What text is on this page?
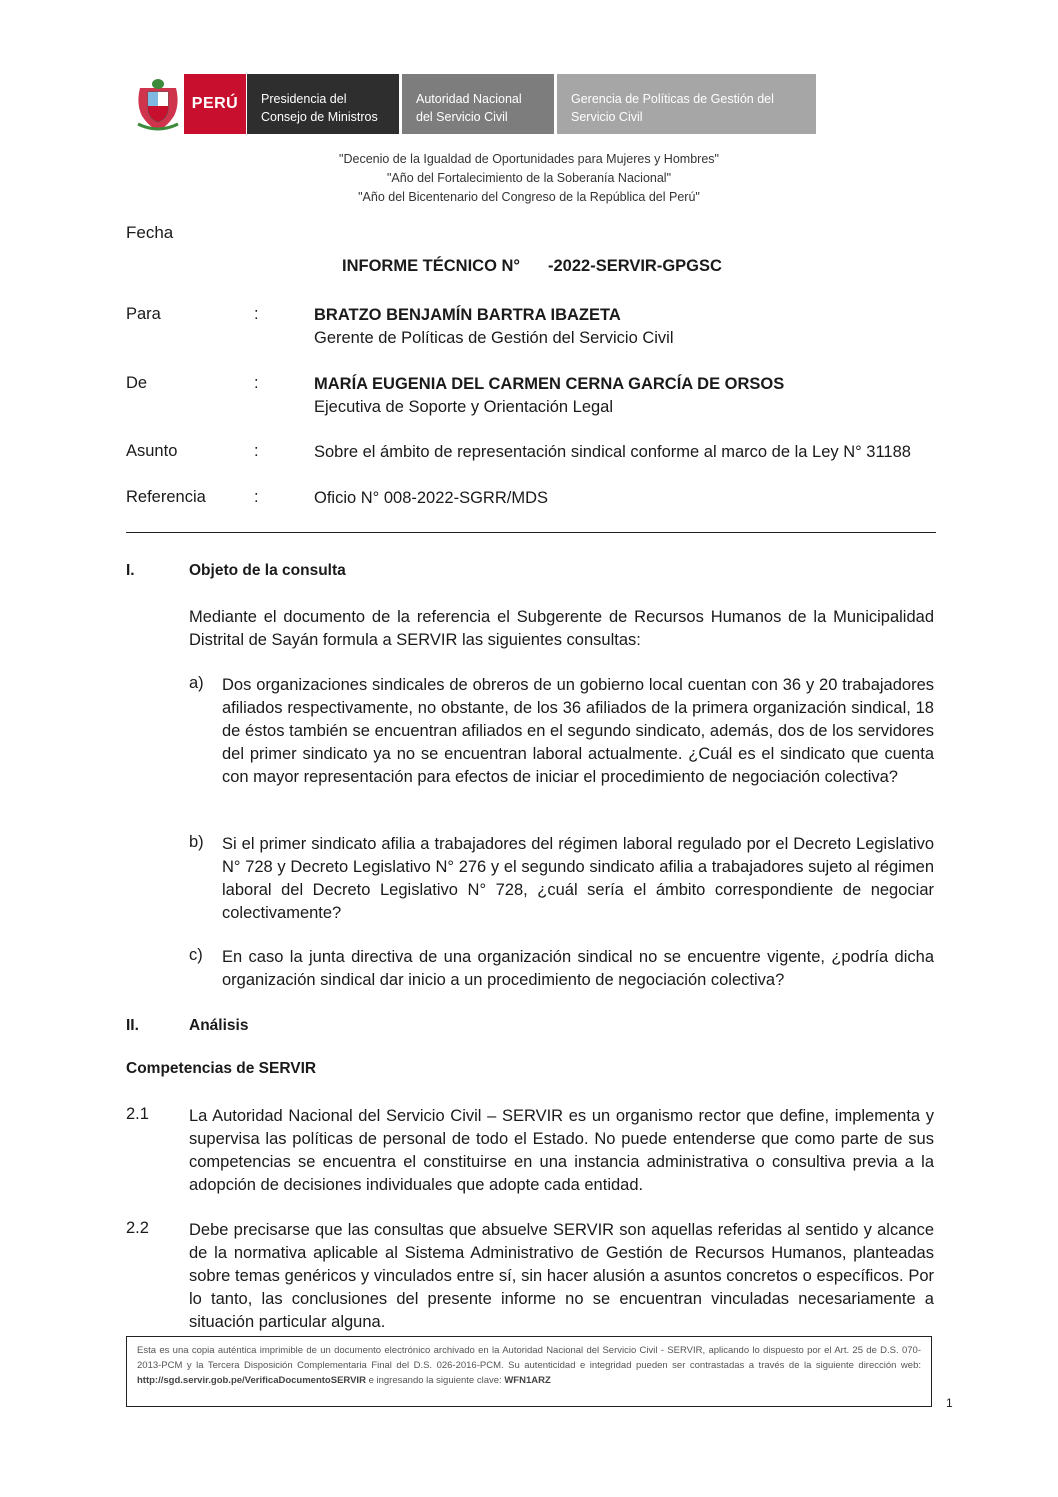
PERÚ Presidencia del
Consejo de Ministros
Autoridad Nacional
del Servicio Civil
Gerencia de Políticas de Gestión del
Servicio Civil
"Decenio de la Igualdad de Oportunidades para Mujeres y Hombres"
"Año del Fortalecimiento de la Soberanía Nacional"
"Año del Bicentenario del Congreso de la República del Perú"
Fecha
INFORME TÉCNICO N° -2022-SERVIR-GPGSC
Para	:	BRATZO BENJAMÍN BARTRA IBAZETA
Gerente de Políticas de Gestión del Servicio Civil
De	:	MARÍA EUGENIA DEL CARMEN CERNA GARCÍA DE ORSOS
Ejecutiva de Soporte y Orientación Legal
Asunto	:	Sobre el ámbito de representación sindical conforme al marco de la Ley N° 31188
Referencia	:	Oficio N° 008-2022-SGRR/MDS
I.	Objeto de la consulta
Mediante el documento de la referencia el Subgerente de Recursos Humanos de la Municipalidad Distrital de Sayán formula a SERVIR las siguientes consultas:
a) Dos organizaciones sindicales de obreros de un gobierno local cuentan con 36 y 20 trabajadores afiliados respectivamente, no obstante, de los 36 afiliados de la primera organización sindical, 18 de éstos también se encuentran afiliados en el segundo sindicato, además, dos de los servidores del primer sindicato ya no se encuentran laboral actualmente. ¿Cuál es el sindicato que cuenta con mayor representación para efectos de iniciar el procedimiento de negociación colectiva?
b) Si el primer sindicato afilia a trabajadores del régimen laboral regulado por el Decreto Legislativo N° 728 y Decreto Legislativo N° 276 y el segundo sindicato afilia a trabajadores sujeto al régimen laboral del Decreto Legislativo N° 728, ¿cuál sería el ámbito correspondiente de negociar colectivamente?
c) En caso la junta directiva de una organización sindical no se encuentre vigente, ¿podría dicha organización sindical dar inicio a un procedimiento de negociación colectiva?
II.	Análisis
Competencias de SERVIR
2.1 La Autoridad Nacional del Servicio Civil – SERVIR es un organismo rector que define, implementa y supervisa las políticas de personal de todo el Estado. No puede entenderse que como parte de sus competencias se encuentra el constituirse en una instancia administrativa o consultiva previa a la adopción de decisiones individuales que adopte cada entidad.
2.2 Debe precisarse que las consultas que absuelve SERVIR son aquellas referidas al sentido y alcance de la normativa aplicable al Sistema Administrativo de Gestión de Recursos Humanos, planteadas sobre temas genéricos y vinculados entre sí, sin hacer alusión a asuntos concretos o específicos. Por lo tanto, las conclusiones del presente informe no se encuentran vinculadas necesariamente a situación particular alguna.
Esta es una copia auténtica imprimible de un documento electrónico archivado en la Autoridad Nacional del Servicio Civil - SERVIR, aplicando lo dispuesto por el Art. 25 de D.S. 070-2013-PCM y la Tercera Disposición Complementaria Final del D.S. 026-2016-PCM. Su autenticidad e integridad pueden ser contrastadas a través de la siguiente dirección web: http://sgd.servir.gob.pe/VerificaDocumentoSERVIR e ingresando la siguiente clave: WFN1ARZ
1
